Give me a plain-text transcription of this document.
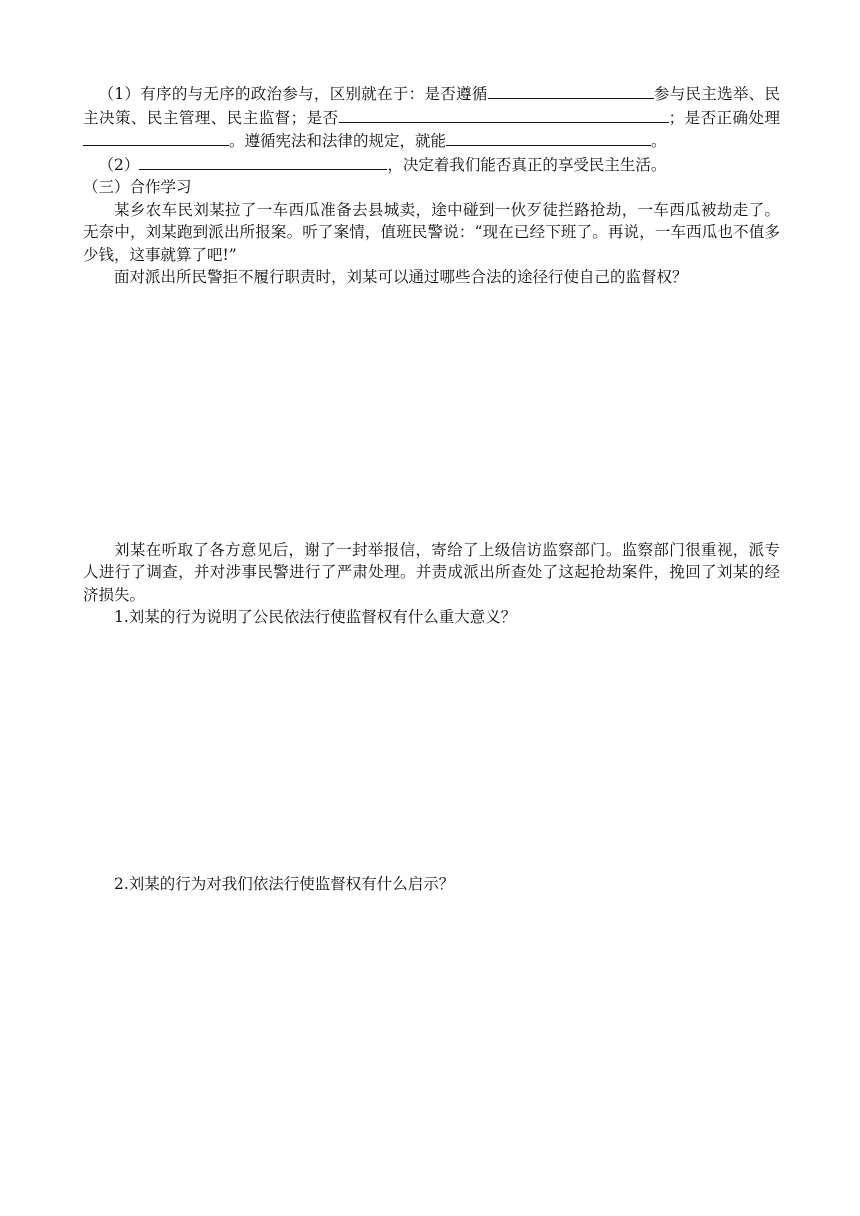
（1）有序的与无序的政治参与，区别就在于：是否遵循	参与民主选举、民主决策、民主管理、民主监督；是否	；是否正确处理。遵循宪法和法律的规定，就能	。

（2）	，决定着我们能否真正的享受民主生活。

（三）合作学习

某乡农车民刘某拉了一车西瓜准备去县城卖，途中碰到一伙歹徒拦路抢劫，一车西瓜被劫走了。无奈中，刘某跑到派出所报案。听了案情，值班民警说：“现在已经下班了。再说，一车西瓜也不值多少钱，这事就算了吧!”

面对派出所民警拒不履行职责时，刘某可以通过哪些合法的途径行使自己的监督权？

刘某在听取了各方意见后，谢了一封举报信，寄给了上级信访监察部门。监察部门很重视，派专人进行了调查，并对涉事民警进行了严肃处理。并责成派出所查处了这起抢劫案件，挽回了刘某的经济损失。

1.刘某的行为说明了公民依法行使监督权有什么重大意义？

2.刘某的行为对我们依法行使监督权有什么启示？
